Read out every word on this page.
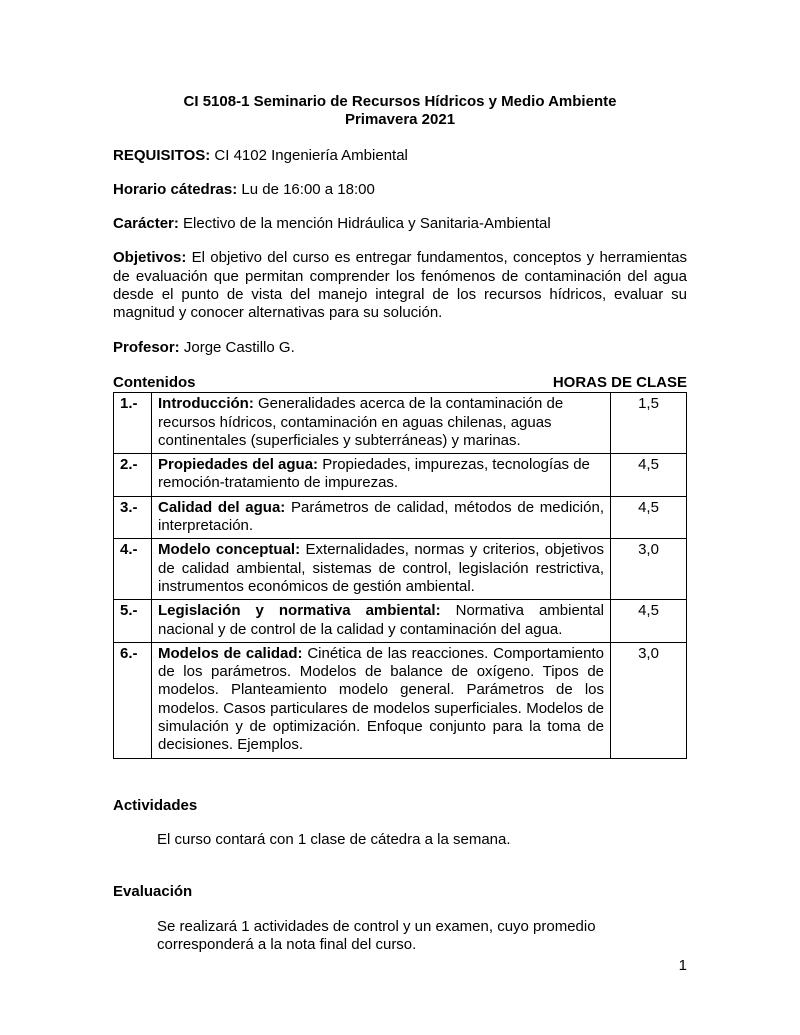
CI 5108-1 Seminario de Recursos Hídricos y Medio Ambiente
Primavera 2021

REQUISITOS: CI 4102 Ingeniería Ambiental

Horario cátedras: Lu de 16:00 a 18:00

Carácter: Electivo de la mención Hidráulica y Sanitaria-Ambiental

Objetivos: El objetivo del curso es entregar fundamentos, conceptos y herramientas de evaluación que permitan comprender los fenómenos de contaminación del agua desde el punto de vista del manejo integral de los recursos hídricos, evaluar su magnitud y conocer alternativas para su solución.

Profesor: Jorge Castillo G.

Contenidos	HORAS DE CLASE
1.-	Introducción: Generalidades acerca de la contaminación de recursos hídricos, contaminación en aguas chilenas, aguas continentales (superficiales y subterráneas) y marinas.	1,5
2.-	Propiedades del agua: Propiedades, impurezas, tecnologías de remoción-tratamiento de impurezas.	4,5
3.-	Calidad del agua: Parámetros de calidad, métodos de medición, interpretación.	4,5
4.-	Modelo conceptual: Externalidades, normas y criterios, objetivos de calidad ambiental, sistemas de control, legislación restrictiva, instrumentos económicos de gestión ambiental.	3,0
5.-	Legislación y normativa ambiental: Normativa ambiental nacional y de control de la calidad y contaminación del agua.	4,5
6.-	Modelos de calidad: Cinética de las reacciones. Comportamiento de los parámetros. Modelos de balance de oxígeno. Tipos de modelos. Planteamiento modelo general. Parámetros de los modelos. Casos particulares de modelos superficiales. Modelos de simulación y de optimización. Enfoque conjunto para la toma de decisiones. Ejemplos.	3,0

Actividades

El curso contará con 1 clase de cátedra a la semana.

Evaluación

Se realizará 1 actividades de control y un examen, cuyo promedio corresponderá a la nota final del curso.

1
